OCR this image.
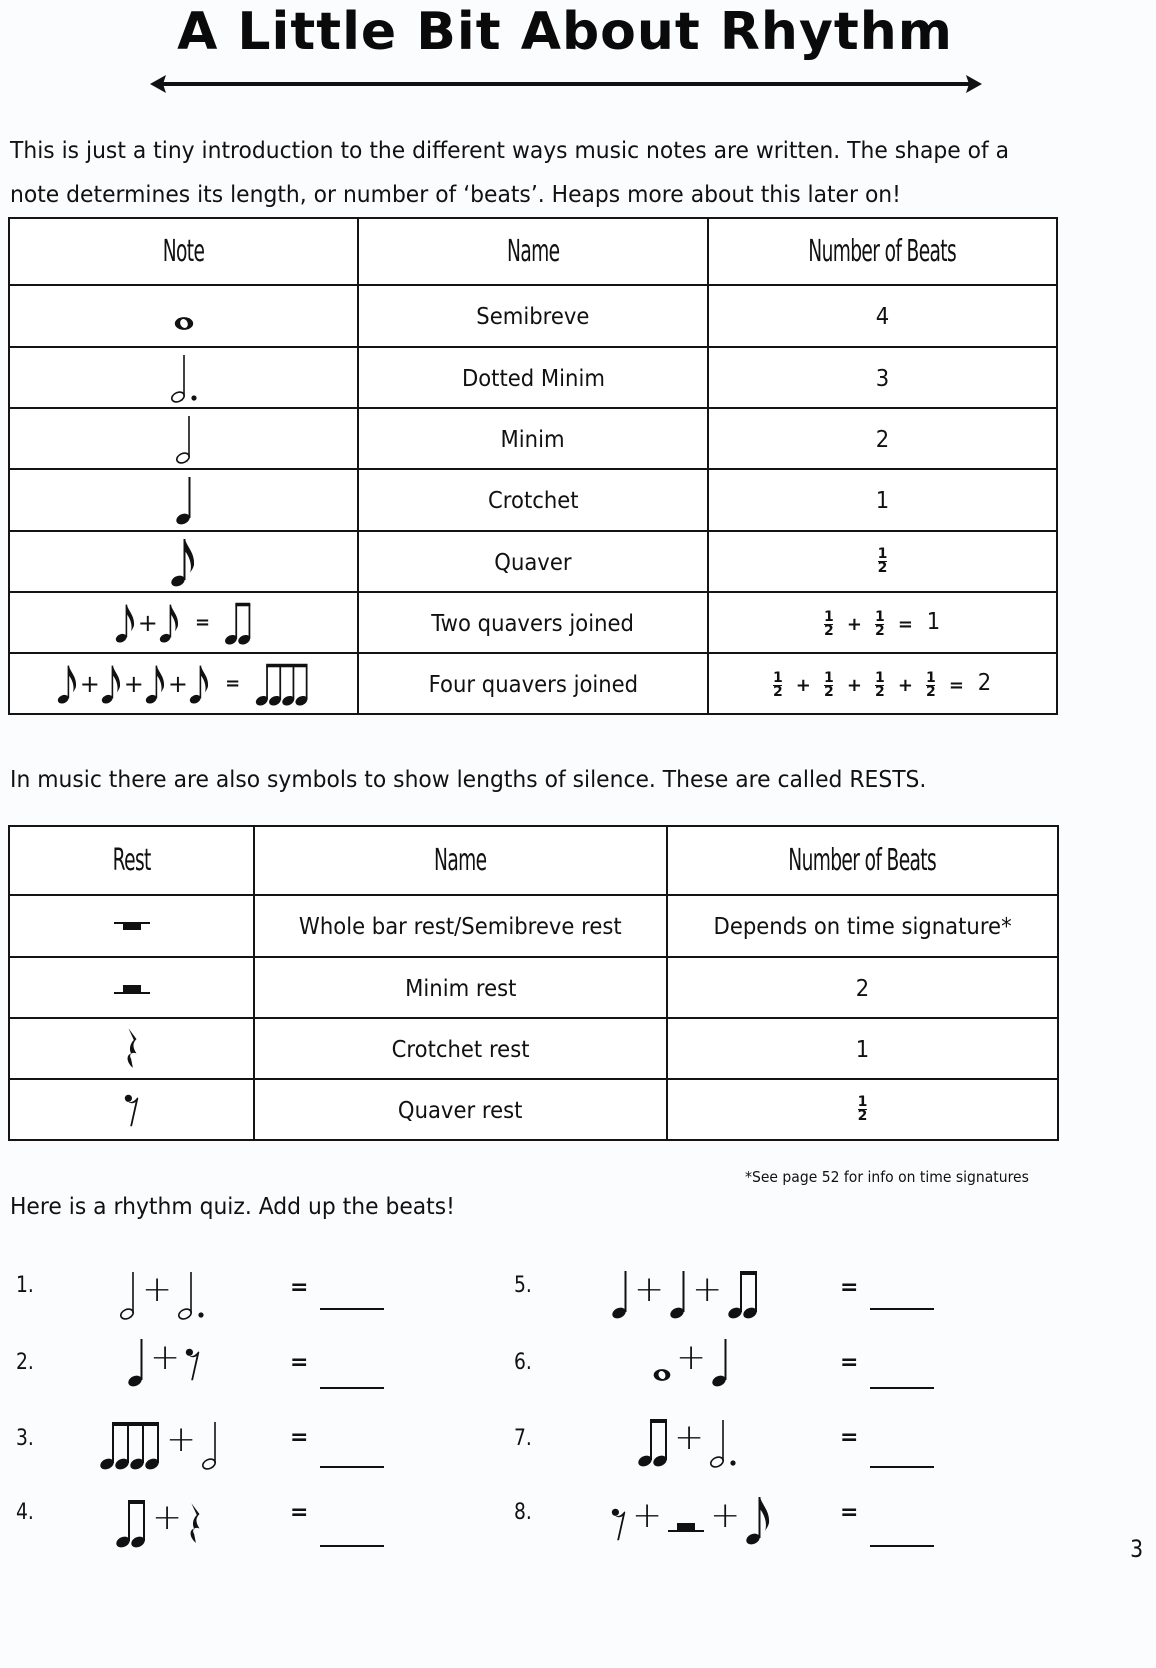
A Little Bit About Rhythm
This is just a tiny introduction to the different ways music notes are written. The shape of a note determines its length, or number of ‘beats’. Heaps more about this later on!
Note	Name	Number of Beats
	Semibreve	4
	Dotted Minim	3
	Minim	2
	Crotchet	1
	Quaver	$\frac{1}{2}$

+ =	Two quavers joined	$\frac{1}{2} + \frac{1}{2} = 1$
+ + + =	Four quavers joined	$\frac{1}{2} + \frac{1}{2} + \frac{1}{2} + \frac{1}{2} = 2$
In music there are also symbols to show lengths of silence. These are called RESTS.
Rest	Name	Number of Beats
	Whole bar rest/Semibreve rest	Depends on time signature*
	Minim rest	2
	Crotchet rest	1
	Quaver rest	$\frac{1}{2}$
*See page 52 for info on time signatures
Here is a rhythm quiz. Add up the beats!
1.	+	=
2.	+	=
3.	+	=
4.	+	=
5.	+ +	=
6.	+	=
7.	+	=
8.	+ +	=
3
